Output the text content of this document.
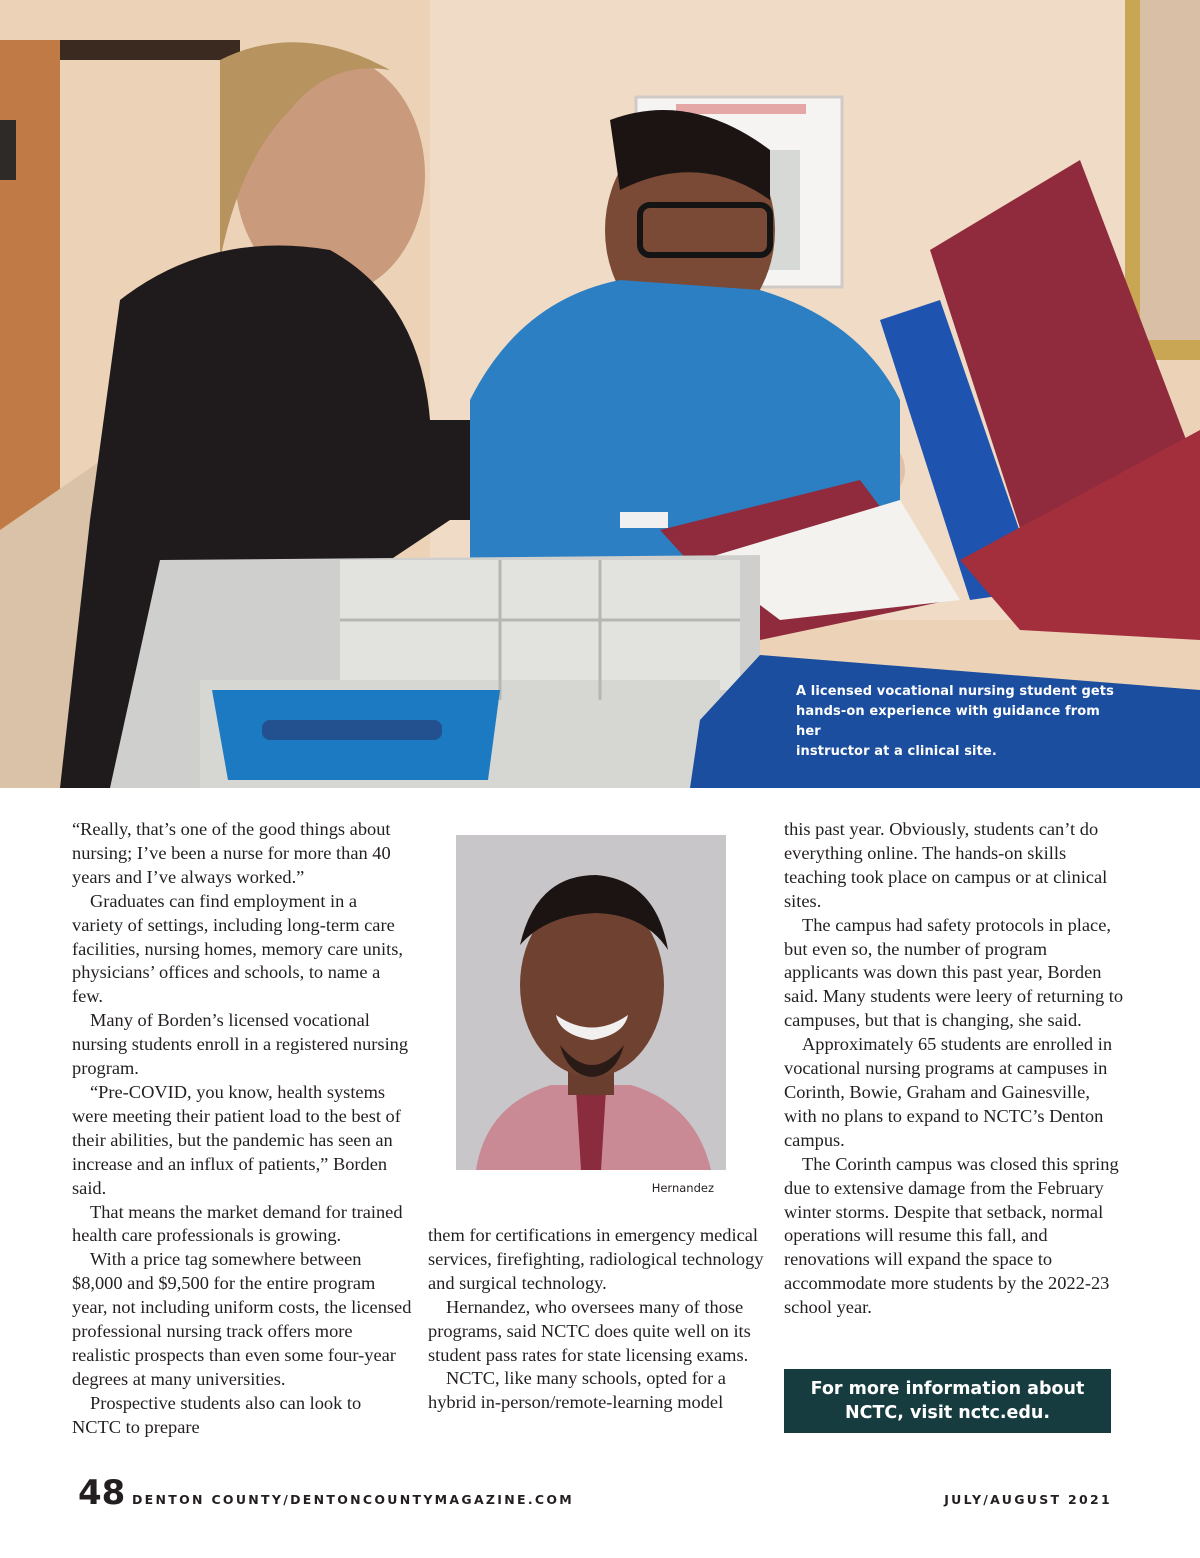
A licensed vocational nursing student gets
hands-on experience with guidance from her
instructor at a clinical site.

“Really, that’s one of the good things about nursing; I’ve been a nurse for more than 40 years and I’ve always worked.”

Graduates can find employment in a variety of settings, including long-term care facilities, nursing homes, memory care units, physicians’ offices and schools, to name a few.

Many of Borden’s licensed vocational nursing students enroll in a registered nursing program.

“Pre-COVID, you know, health systems were meeting their patient load to the best of their abilities, but the pandemic has seen an increase and an influx of patients,” Borden said.

That means the market demand for trained health care professionals is growing.

With a price tag somewhere between $8,000 and $9,500 for the entire program year, not including uniform costs, the licensed professional nursing track offers more realistic prospects than even some four-year degrees at many universities.

Prospective students also can look to NCTC to prepare

Hernandez

them for certifications in emergency medical services, firefighting, radiological technology and surgical technology.

Hernandez, who oversees many of those programs, said NCTC does quite well on its student pass rates for state licensing exams.

NCTC, like many schools, opted for a hybrid in-person/remote-learning model

this past year. Obviously, students can’t do everything online. The hands-on skills teaching took place on campus or at clinical sites.

The campus had safety protocols in place, but even so, the number of program applicants was down this past year, Borden said. Many students were leery of returning to campuses, but that is changing, she said.

Approximately 65 students are enrolled in vocational nursing programs at campuses in Corinth, Bowie, Graham and Gainesville, with no plans to expand to NCTC’s Denton campus.

The Corinth campus was closed this spring due to extensive damage from the February winter storms. Despite that setback, normal operations will resume this fall, and renovations will expand the space to accommodate more students by the 2022-23 school year.

For more information about
NCTC, visit nctc.edu.
48 DENTON COUNTY/DENTONCOUNTYMAGAZINE.COM	JULY/AUGUST 2021
